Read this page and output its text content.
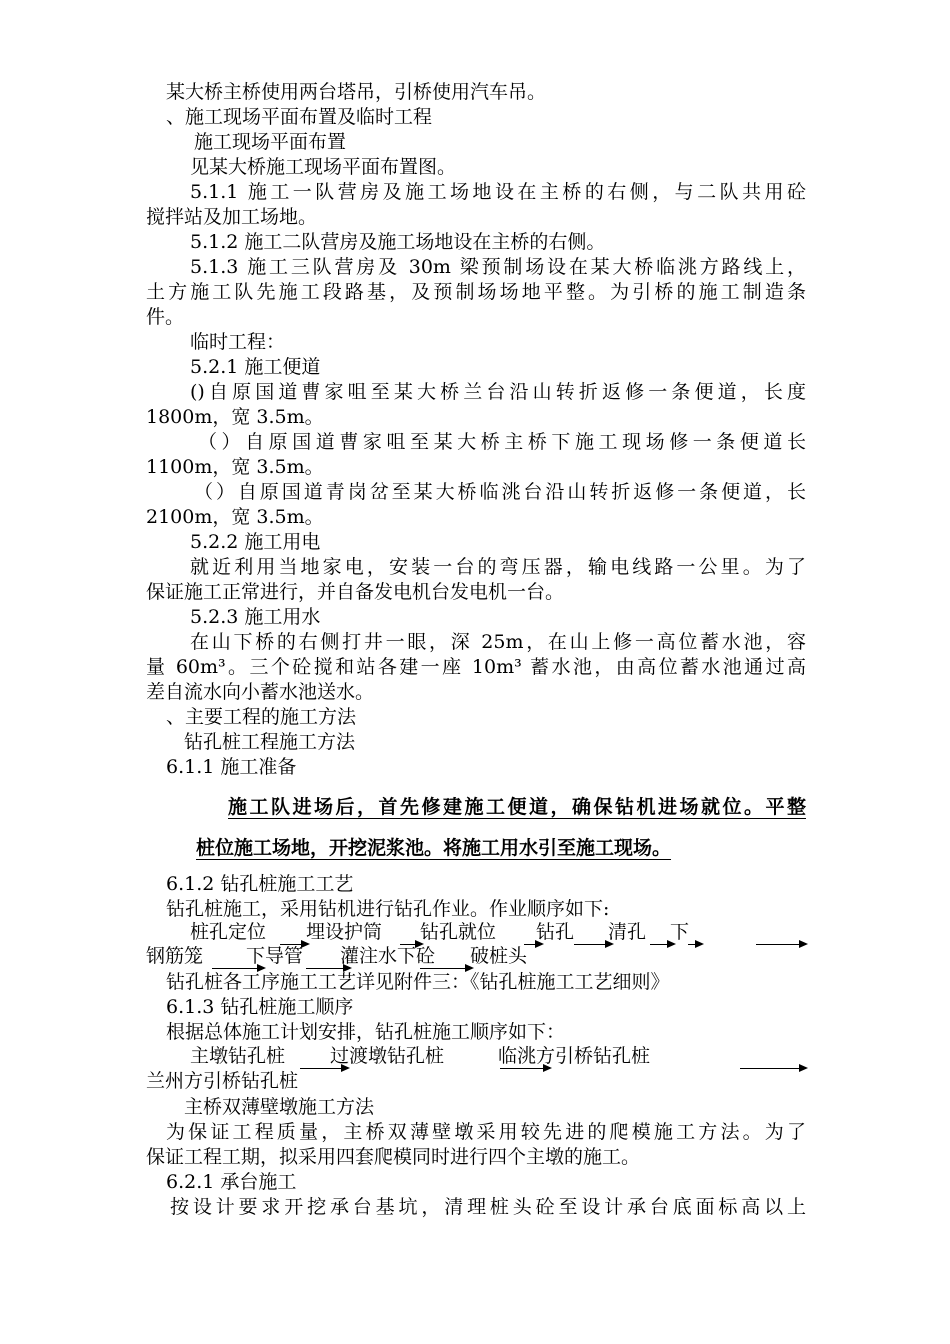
某大桥主桥使用两台塔吊，引桥使用汽车吊。
、施工现场平面布置及临时工程
施工现场平面布置
见某大桥施工现场平面布置图。
5.1.1 施工一队营房及施工场地设在主桥的右侧，与二队共用砼
搅拌站及加工场地。
5.1.2 施工二队营房及施工场地设在主桥的右侧。
5.1.3 施工三队营房及 30m 梁预制场设在某大桥临洮方路线上，
土方施工队先施工段路基，及预制场场地平整。为引桥的施工制造条
件。
临时工程：
5.2.1 施工便道
()自原国道曹家咀至某大桥兰台沿山转折返修一条便道，长度
1800m，宽 3.5m。
（）自原国道曹家咀至某大桥主桥下施工现场修一条便道长
1100m，宽 3.5m。
（）自原国道青岗岔至某大桥临洮台沿山转折返修一条便道，长
2100m，宽 3.5m。
5.2.2 施工用电
就近利用当地家电，安装一台的弯压器，输电线路一公里。为了
保证施工正常进行，并自备发电机台发电机一台。
5.2.3 施工用水
在山下桥的右侧打井一眼，深 25m，在山上修一高位蓄水池，容
量 60m³。三个砼搅和站各建一座 10m³ 蓄水池，由高位蓄水池通过高
差自流水向小蓄水池送水。
、主要工程的施工方法
钻孔桩工程施工方法
6.1.1 施工准备
施工队进场后，首先修建施工便道，确保钻机进场就位。平整
桩位施工场地，开挖泥浆池。将施工用水引至施工现场。
6.1.2 钻孔桩施工工艺
钻孔桩施工，采用钻机进行钻孔作业。作业顺序如下:
桩孔定位 埋设护筒 钻孔就位 钻孔 清孔 下
钢筋笼 下导管 灌注水下砼 破桩头
钻孔桩各工序施工工艺详见附件三：《钻孔桩施工工艺细则》
6.1.3 钻孔桩施工顺序
根据总体施工计划安排，钻孔桩施工顺序如下：
主墩钻孔桩 过渡墩钻孔桩	临洮方引桥钻孔桩
兰州方引桥钻孔桩
主桥双薄壁墩施工方法
为保证工程质量，主桥双薄壁墩采用较先进的爬模施工方法。为了
保证工程工期，拟采用四套爬模同时进行四个主墩的施工。
6.2.1 承台施工
按设计要求开挖承台基坑，清理桩头砼至设计承台底面标高以上
